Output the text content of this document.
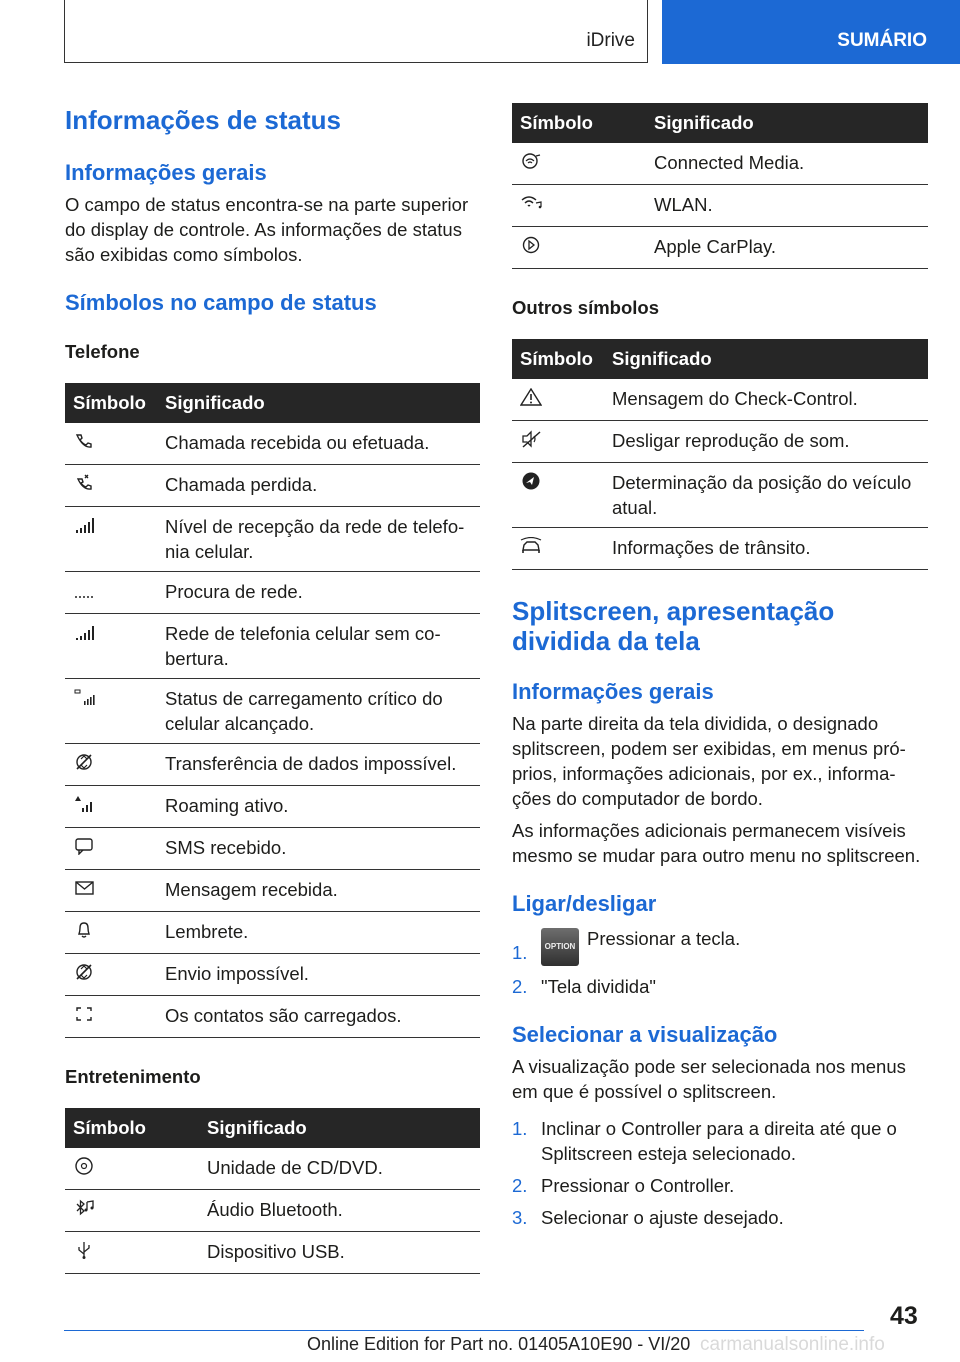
iDrive	SUMÁRIO
Informações de status
Informações gerais

O campo de status encontra-se na parte superior do display de controle. As informações de status são exibidas como símbolos.

Símbolos no campo de status
Telefone
Símbolo	Significado

	Chamada recebida ou efetuada.

	Chamada perdida.

	Nível de recepção da rede de telefonia celular.

	Procura de rede.

	Rede de telefonia celular sem cobertura.

	Status de carregamento crítico do celular alcançado.

	Transferência de dados impossível.

	Roaming ativo.

	SMS recebido.

	Mensagem recebida.

	Lembrete.

	Envio impossível.

	Os contatos são carregados.
Entretenimento
Símbolo	Significado

	Unidade de CD/DVD.

	Áudio Bluetooth.

	Dispositivo USB.
Símbolo	Significado

	Connected Media.

	WLAN.

	Apple CarPlay.
Outros símbolos
Símbolo	Significado

	Mensagem do Check-Control.

	Desligar reprodução de som.

	Determinação da posição do veículo atual.

	Informações de trânsito.
Splitscreen, apresentação dividida da tela
Informações gerais

Na parte direita da tela dividida, o designado splitscreen, podem ser exibidas, em menus próprios, informações adicionais, por ex., informações do computador de bordo.

As informações adicionais permanecem visíveis mesmo se mudar para outro menu no splitscreen.

Ligar/desligar
1. OPTION Pressionar a tecla.
2. "Tela dividida"
Selecionar a visualização

A visualização pode ser selecionada nos menus em que é possível o splitscreen.

1. Inclinar o Controller para a direita até que o Splitscreen esteja selecionado.
2. Pressionar o Controller.
3. Selecionar o ajuste desejado.
43
Online Edition for Part no. 01405A10E90 - VI/20 carmanualsonline.info
